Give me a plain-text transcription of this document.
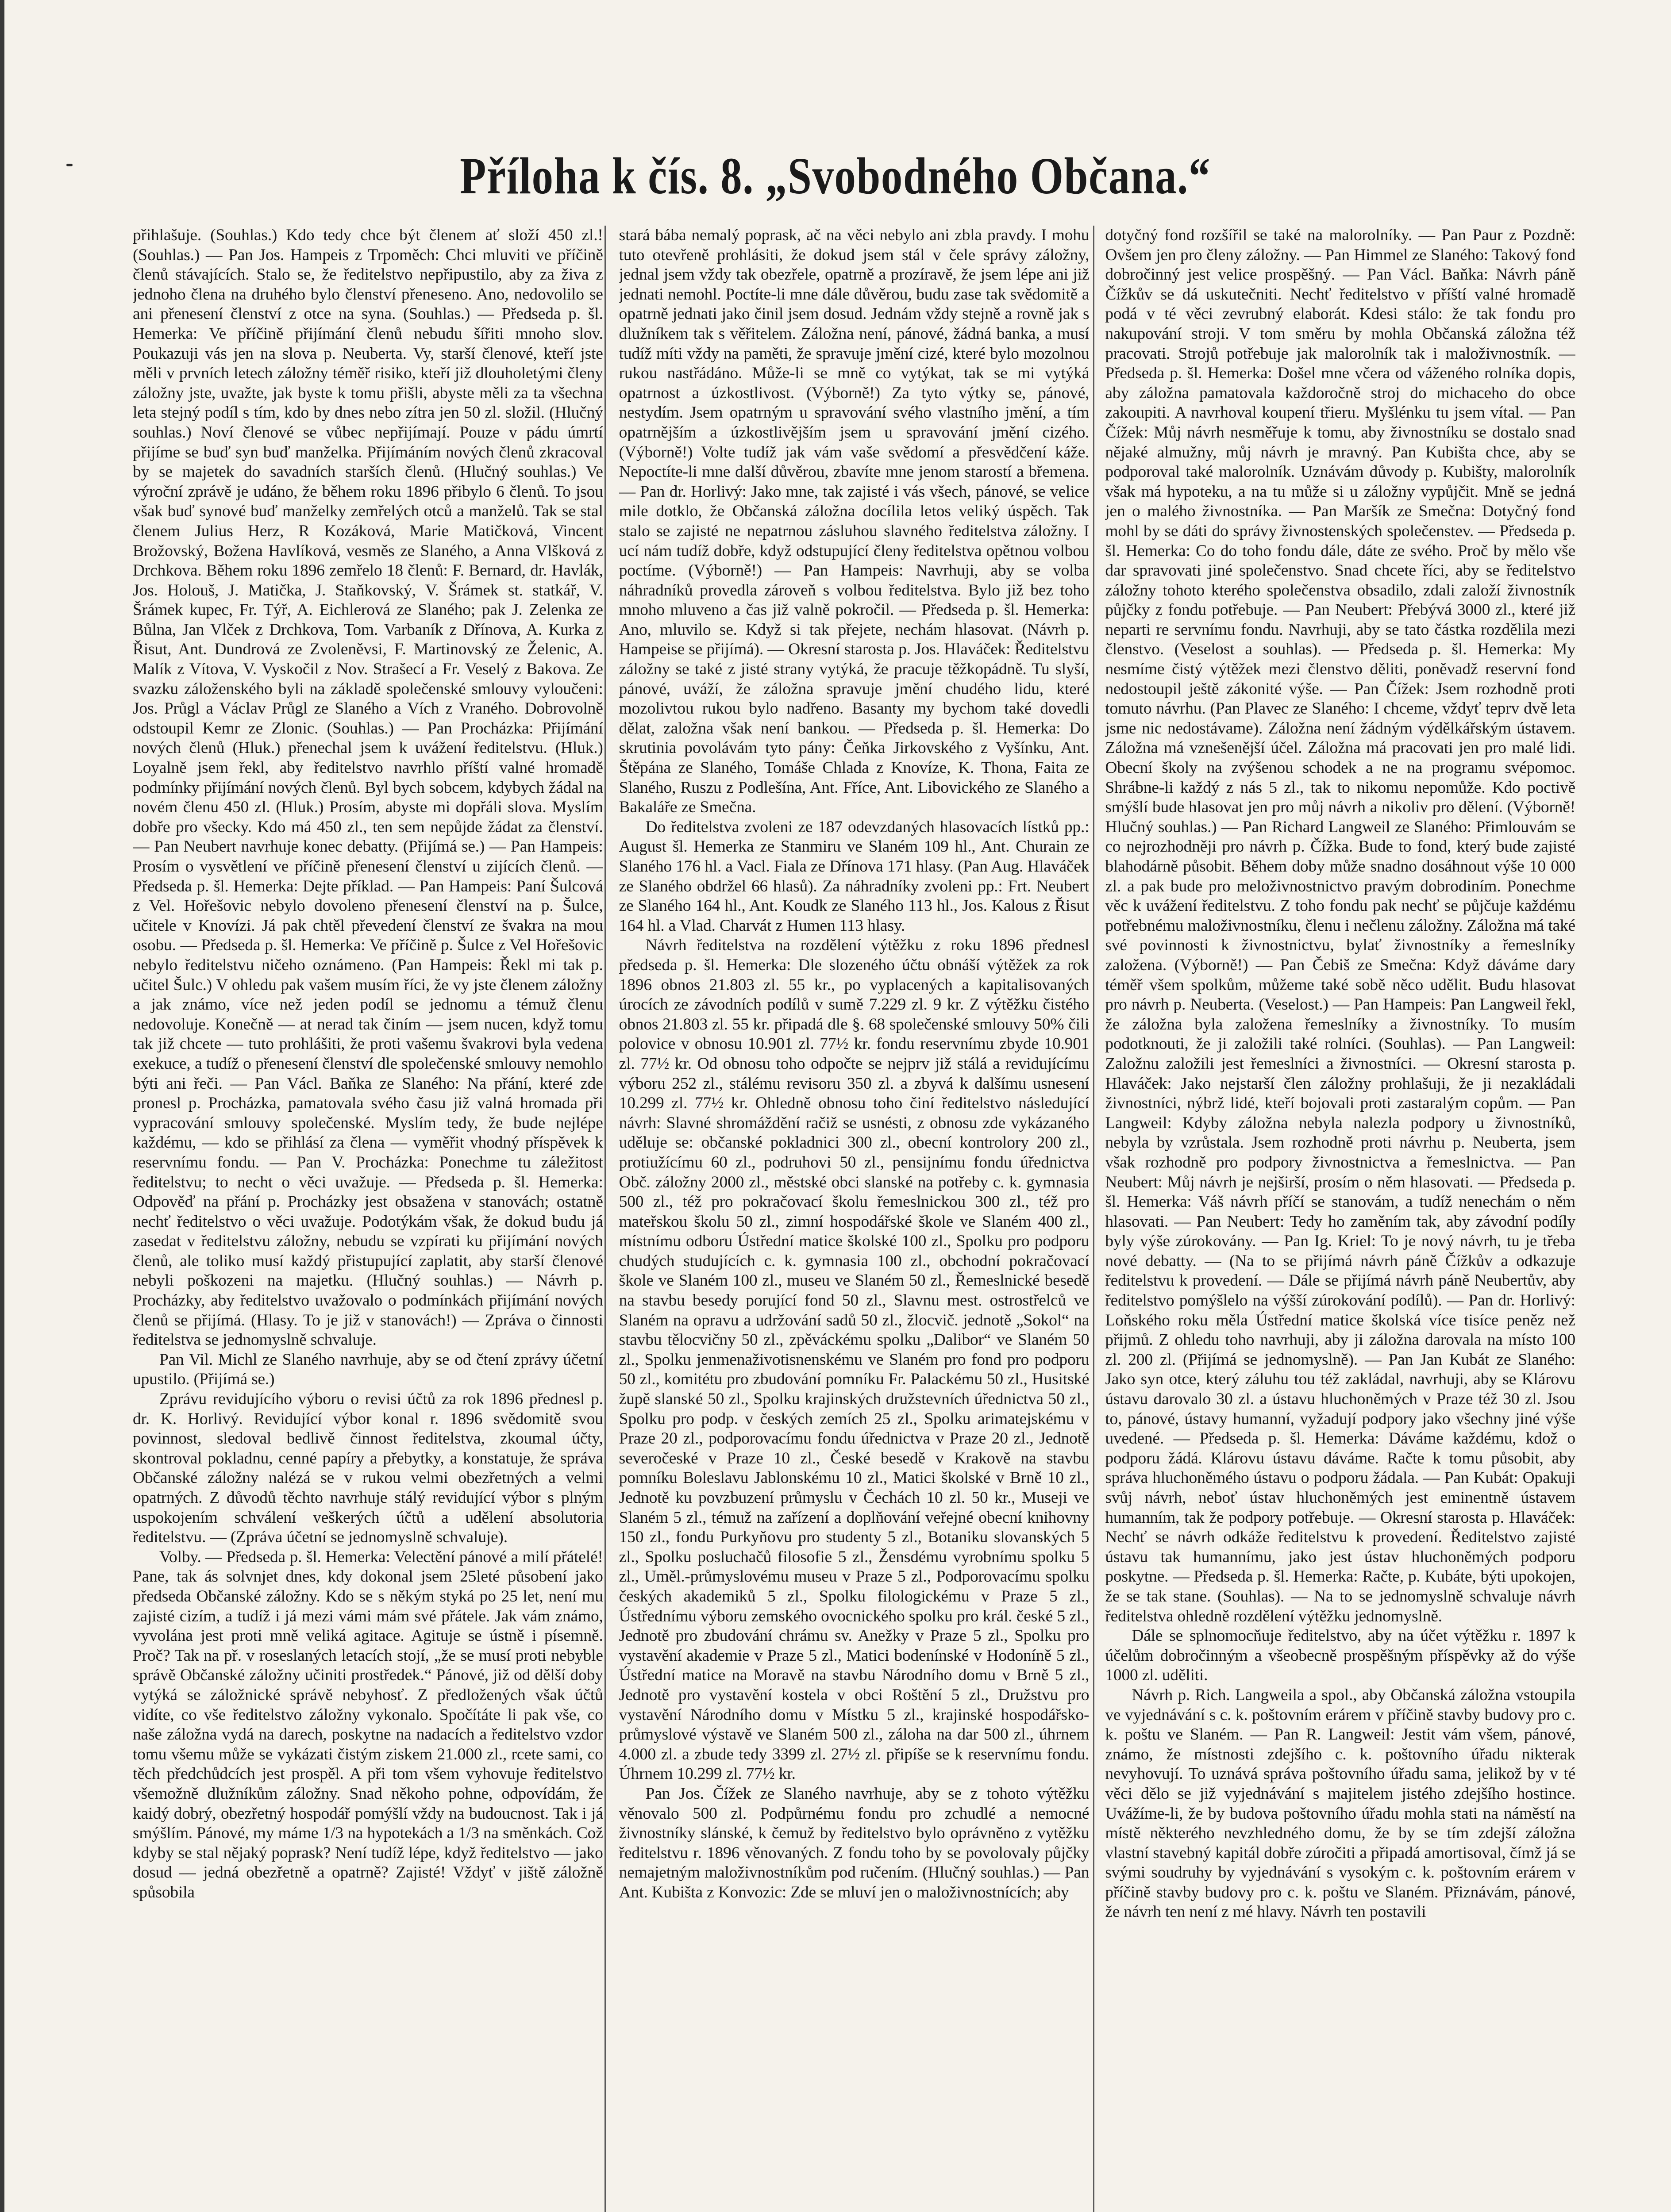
Příloha k čís. 8. „Svobodného Občana.“

přihlašuje. (Souhlas.) Kdo tedy chce být členem ať složí 450 zl.! (Souhlas.) — Pan Jos. Hampeis z Trpoměch: Chci mluviti ve příčině členů stávajících. Stalo se, že ředitelstvo nepřipustilo, aby za živa z jednoho člena na druhého bylo členství přeneseno. Ano, nedovolilo se ani přenesení členství z otce na syna. (Souhlas.) — Předseda p. šl. Hemerka: Ve příčině přijímání členů nebudu šířiti mnoho slov. Poukazuji vás jen na slova p. Neuberta. Vy, starší členové, kteří jste měli v prvních letech záložny téměř risiko, kteří již dlouholetými členy záložny jste, uvažte, jak byste k tomu přišli, abyste měli za ta všechna leta stejný podíl s tím, kdo by dnes nebo zítra jen 50 zl. složil. (Hlučný souhlas.) Noví členové se vůbec nepřijímají. Pouze v pádu úmrtí přijíme se buď syn buď manželka. Přijímáním nových členů zkracoval by se majetek do savadních starších členů. (Hlučný souhlas.) Ve výroční zprávě je udáno, že během roku 1896 přibylo 6 členů. To jsou však buď synové buď manželky zemřelých otců a manželů. Tak se stal členem Julius Herz, R Kozáková, Marie Matičková, Vincent Brožovský, Božena Havlíková, vesměs ze Slaného, a Anna Vlšková z Drchkova. Během roku 1896 zemřelo 18 členů: F. Bernard, dr. Havlák, Jos. Holouš, J. Matička, J. Staňkovský, V. Šrámek st. statkář, V. Šrámek kupec, Fr. Týř, A. Eichlerová ze Slaného; pak J. Zelenka ze Bůlna, Jan Vlček z Drchkova, Tom. Varbaník z Dřínova, A. Kurka z Řisut, Ant. Dundrová ze Zvoleněvsi, F. Martinovský ze Želenic, A. Malík z Vítova, V. Vyskočil z Nov. Strašecí a Fr. Veselý z Bakova. Ze svazku záloženského byli na základě společenské smlouvy vyloučeni: Jos. Průgl a Václav Průgl ze Slaného a Vích z Vraného. Dobrovolně odstoupil Kemr ze Zlonic. (Souhlas.) — Pan Procházka: Přijímání nových členů (Hluk.) přenechal jsem k uvážení ředitelstvu. (Hluk.) Loyalně jsem řekl, aby ředitelstvo navrhlo příští valné hromadě podmínky přijímání nových členů. Byl bych sobcem, kdybych žádal na novém členu 450 zl. (Hluk.) Prosím, abyste mi dopřáli slova. Myslím dobře pro všecky. Kdo má 450 zl., ten sem nepůjde žádat za členství. — Pan Neubert navrhuje konec debatty. (Přijímá se.) — Pan Hampeis: Prosím o vysvětlení ve příčině přenesení členství u zijících členů. — Předseda p. šl. Hemerka: Dejte příklad. — Pan Hampeis: Paní Šulcová z Vel. Hořešovic nebylo dovoleno přenesení členství na p. Šulce, učitele v Knovízi. Já pak chtěl převedení členství ze švakra na mou osobu. — Předseda p. šl. Hemerka: Ve příčině p. Šulce z Vel Hořešovic nebylo ředitelstvu ničeho oznámeno. (Pan Hampeis: Řekl mi tak p. učitel Šulc.) V ohledu pak vašem musím říci, že vy jste členem záložny a jak známo, více než jeden podíl se jednomu a témuž členu nedovoluje. Konečně — at nerad tak činím — jsem nucen, když tomu tak již chcete — tuto prohlášiti, že proti vašemu švakrovi byla vedena exekuce, a tudíž o přenesení členství dle společenské smlouvy nemohlo býti ani řeči. — Pan Václ. Baňka ze Slaného: Na přání, které zde pronesl p. Procházka, pamatovala svého času již valná hromada při vypracování smlouvy společenské. Myslím tedy, že bude nejlépe každému, — kdo se přihlásí za člena — vyměřit vhodný příspěvek k reservnímu fondu. — Pan V. Procházka: Ponechme tu záležitost ředitelstvu; to necht o věci uvažuje. — Předseda p. šl. Hemerka: Odpověď na přání p. Procházky jest obsažena v stanovách; ostatně nechť ředitelstvo o věci uvažuje. Podotýkám však, že dokud budu já zasedat v ředitelstvu záložny, nebudu se vzpírati ku přijímání nových členů, ale toliko musí každý přistupující zaplatit, aby starší členové nebyli poškozeni na majetku. (Hlučný souhlas.) — Návrh p. Procházky, aby ředitelstvo uvažovalo o podmínkách přijímání nových členů se přijímá. (Hlasy. To je již v stanovách!) — Zpráva o činnosti ředitelstva se jednomyslně schvaluje.

Pan Vil. Michl ze Slaného navrhuje, aby se od čtení zprávy účetní upustilo. (Přijímá se.)

Zprávu revidujícího výboru o revisi účtů za rok 1896 přednesl p. dr. K. Horlivý. Revidující výbor konal r. 1896 svědomitě svou povinnost, sledoval bedlivě činnost ředitelstva, zkoumal účty, skontroval pokladnu, cenné papíry a přebytky, a konstatuje, že správa Občanské záložny nalézá se v rukou velmi obezřetných a velmi opatrných. Z důvodů těchto navrhuje stálý revidující výbor s plným uspokojením schválení veškerých účtů a udělení absolutoria ředitelstvu. — (Zpráva účetní se jednomyslně schvaluje).

Volby. — Předseda p. šl. Hemerka: Velectění pánové a milí přátelé! Pane, tak ás solvnjet dnes, kdy dokonal jsem 25leté působení jako předseda Občanské záložny. Kdo se s někým styká po 25 let, není mu zajisté cizím, a tudíž i já mezi vámi mám své přátele. Jak vám známo, vyvolána jest proti mně veliká agitace. Agituje se ústně i písemně. Proč? Tak na př. v roseslaných letacích stojí, „že se musí proti nebyble správě Občanské záložny učiniti prostředek.“ Pánové, již od dělší doby vytýká se záložnické správě nebyhosť. Z předložených však účtů vidíte, co vše ředitelstvo záložny vykonalo. Spočítáte li pak vše, co naše záložna vydá na darech, poskytne na nadacích a ředitelstvo vzdor tomu všemu může se vykázati čistým ziskem 21.000 zl., rcete sami, co těch předchůdcích jest prospěl. A při tom všem vyhovuje ředitelstvo všemožně dlužníkům záložny. Snad někoho pohne, odpovídám, že kaidý dobrý, obezřetný hospodář pomýšlí vždy na budoucnost. Tak i já smýšlím. Pánové, my máme 1/3 na hypotekách a 1/3 na směnkách. Což kdyby se stal nějaký poprask? Není tudíž lépe, když ředitelstvo — jako dosud — jedná obezřetně a opatrně? Zajisté! Vždyť v jiště záložně spůsobila

stará bába nemalý poprask, ač na věci nebylo ani zbla pravdy. I mohu tuto otevřeně prohlásiti, že dokud jsem stál v čele správy záložny, jednal jsem vždy tak obezřele, opatrně a prozíravě, že jsem lépe ani již jednati nemohl. Poctíte-li mne dále důvěrou, budu zase tak svědomitě a opatrně jednati jako činil jsem dosud. Jednám vždy stejně a rovně jak s dlužníkem tak s věřitelem. Záložna není, pánové, žádná banka, a musí tudíž míti vždy na paměti, že spravuje jmění cizé, které bylo mozolnou rukou nastřádáno. Může-li se mně co vytýkat, tak se mi vytýká opatrnost a úzkostlivost. (Výborně!) Za tyto výtky se, pánové, nestydím. Jsem opatrným u spravování svého vlastního jmění, a tím opatrnějším a úzkostlivějším jsem u spravování jmění cizého. (Výborně!) Volte tudíž jak vám vaše svědomí a přesvědčení káže. Nepoctíte-li mne další důvěrou, zbavíte mne jenom starostí a břemena. — Pan dr. Horlivý: Jako mne, tak zajisté i vás všech, pánové, se velice mile dotklo, že Občanská záložna docílila letos veliký úspěch. Tak stalo se zajisté ne nepatrnou zásluhou slavného ředitelstva záložny. I ucí nám tudíž dobře, když odstupující členy ředitelstva opětnou volbou poctíme. (Výborně!) — Pan Hampeis: Navrhuji, aby se volba náhradníků provedla zároveň s volbou ředitelstva. Bylo již bez toho mnoho mluveno a čas již valně pokročil. — Předseda p. šl. Hemerka: Ano, mluvilo se. Když si tak přejete, nechám hlasovat. (Návrh p. Hampeise se přijímá). — Okresní starosta p. Jos. Hlaváček: Ředitelstvu záložny se také z jisté strany vytýká, že pracuje těžkopádně. Tu slyší, pánové, uváží, že záložna spravuje jmění chudého lidu, které mozolivtou rukou bylo nadřeno. Basanty my bychom také dovedli dělat, založna však není bankou. — Předseda p. šl. Hemerka: Do skrutinia povolávám tyto pány: Čeňka Jirkovského z Vyšínku, Ant. Štěpána ze Slaného, Tomáše Chlada z Knovíze, K. Thona, Faita ze Slaného, Ruszu z Podlešína, Ant. Fříce, Ant. Libovického ze Slaného a Bakaláře ze Smečna.

Do ředitelstva zvoleni ze 187 odevzdaných hlasovacích lístků pp.: August šl. Hemerka ze Stanmiru ve Slaném 109 hl., Ant. Churain ze Slaného 176 hl. a Vacl. Fiala ze Dřínova 171 hlasy. (Pan Aug. Hlaváček ze Slaného obdržel 66 hlasů). Za náhradníky zvoleni pp.: Frt. Neubert ze Slaného 164 hl., Ant. Koudk ze Slaného 113 hl., Jos. Kalous z Řisut 164 hl. a Vlad. Charvát z Humen 113 hlasy.

Návrh ředitelstva na rozdělení výtěžku z roku 1896 přednesl předseda p. šl. Hemerka: Dle slozeného účtu obnáší výtěžek za rok 1896 obnos 21.803 zl. 55 kr., po vyplacených a kapitalisovaných úrocích ze závodních podílů v sumě 7.229 zl. 9 kr. Z výtěžku čistého obnos 21.803 zl. 55 kr. připadá dle §. 68 společenské smlouvy 50% čili polovice v obnosu 10.901 zl. 77½ kr. fondu reservnímu zbyde 10.901 zl. 77½ kr. Od obnosu toho odpočte se nejprv již stálá a revidujícímu výboru 252 zl., stálému revisoru 350 zl. a zbyvá k dalšímu usnesení 10.299 zl. 77½ kr. Ohledně obnosu toho činí ředitelstvo následující návrh: Slavné shromáždění račiž se usnésti, z obnosu zde vykázaného uděluje se: občanské pokladnici 300 zl., obecní kontrolory 200 zl., protiužícímu 60 zl., podruhovi 50 zl., pensijnímu fondu úřednictva Obč. záložny 2000 zl., městské obci slanské na potřeby c. k. gymnasia 500 zl., též pro pokračovací školu řemeslnickou 300 zl., též pro mateřskou školu 50 zl., zimní hospodářské škole ve Slaném 400 zl., místnímu odboru Ústřední matice školské 100 zl., Spolku pro podporu chudých studujících c. k. gymnasia 100 zl., obchodní pokračovací škole ve Slaném 100 zl., museu ve Slaném 50 zl., Řemeslnické besedě na stavbu besedy porující fond 50 zl., Slavnu mest. ostrostřelců ve Slaném na opravu a udržování sadů 50 zl., žlocvič. jednotě „Sokol“ na stavbu tělocvičny 50 zl., zpěváckému spolku „Dalibor“ ve Slaném 50 zl., Spolku jenmenaživotisnenskému ve Slaném pro fond pro podporu 50 zl., komitétu pro zbudování pomníku Fr. Palackému 50 zl., Husitské župě slanské 50 zl., Spolku krajinských družstevních úřednictva 50 zl., Spolku pro podp. v českých zemích 25 zl., Spolku arimatejskému v Praze 20 zl., podporovacímu fondu úřednictva v Praze 20 zl., Jednotě severočeské v Praze 10 zl., České besedě v Krakově na stavbu pomníku Boleslavu Jablonskému 10 zl., Matici školské v Brně 10 zl., Jednotě ku povzbuzení průmyslu v Čechách 10 zl. 50 kr., Museji ve Slaném 5 zl., témuž na zařízení a doplňování veřejné obecní knihovny 150 zl., fondu Purkyňovu pro studenty 5 zl., Botaniku slovanských 5 zl., Spolku posluchačů filosofie 5 zl., Žensdému vyrobnímu spolku 5 zl., Uměl.-průmyslovému museu v Praze 5 zl., Podporovacímu spolku českých akademiků 5 zl., Spolku filologickému v Praze 5 zl., Ústřednímu výboru zemského ovocnického spolku pro král. české 5 zl., Jednotě pro zbudování chrámu sv. Anežky v Praze 5 zl., Spolku pro vystavění akademie v Praze 5 zl., Matici bodenínské v Hodoníně 5 zl., Ústřední matice na Moravě na stavbu Národního domu v Brně 5 zl., Jednotě pro vystavění kostela v obci Roštění 5 zl., Družstvu pro vystavění Národního domu v Místku 5 zl., krajinské hospodářsko-průmyslové výstavě ve Slaném 500 zl., záloha na dar 500 zl., úhrnem 4.000 zl. a zbude tedy 3399 zl. 27½ zl. připíše se k reservnímu fondu. Úhrnem 10.299 zl. 77½ kr.

Pan Jos. Čížek ze Slaného navrhuje, aby se z tohoto výtěžku věnovalo 500 zl. Podpůrnému fondu pro zchudlé a nemocné živnostníky slánské, k čemuž by ředitelstvo bylo oprávněno z vytěžku ředitelstvu r. 1896 věnovaných. Z fondu toho by se povolovaly půjčky nemajetným maloživnostníkům pod ručením. (Hlučný souhlas.) — Pan Ant. Kubišta z Konvozic: Zde se mluví jen o maloživnostnících; aby

dotyčný fond rozšířil se také na malorolníky. — Pan Paur z Pozdně: Ovšem jen pro členy záložny. — Pan Himmel ze Slaného: Takový fond dobročinný jest velice prospěšný. — Pan Václ. Baňka: Návrh páně Čížkův se dá uskutečniti. Nechť ředitelstvo v příští valné hromadě podá v té věci zevrubný elaborát. Kdesi stálo: že tak fondu pro nakupování stroji. V tom směru by mohla Občanská záložna též pracovati. Strojů potřebuje jak malorolník tak i maloživnostník. — Předseda p. šl. Hemerka: Došel mne včera od váženého rolníka dopis, aby záložna pamatovala každoročně stroj do michaceho do obce zakoupiti. A navrhoval koupení třieru. Myšlénku tu jsem vítal. — Pan Čížek: Můj návrh nesměřuje k tomu, aby živnostníku se dostalo snad nějaké almužny, můj návrh je mravný. Pan Kubišta chce, aby se podporoval také malorolník. Uznávám důvody p. Kubišty, malorolník však má hypoteku, a na tu může si u záložny vypůjčit. Mně se jedná jen o malého živnostníka. — Pan Maršík ze Smečna: Dotyčný fond mohl by se dáti do správy živnostenských společenstev. — Předseda p. šl. Hemerka: Co do toho fondu dále, dáte ze svého. Proč by mělo vše dar spravovati jiné společenstvo. Snad chcete říci, aby se ředitelstvo záložny tohoto kterého společenstva obsadilo, zdali založí živnostník půjčky z fondu potřebuje. — Pan Neubert: Přebývá 3000 zl., které již neparti re servnímu fondu. Navrhuji, aby se tato částka rozdělila mezi členstvo. (Veselost a souhlas). — Předseda p. šl. Hemerka: My nesmíme čistý výtěžek mezi členstvo děliti, poněvadž reservní fond nedostoupil ještě zákonité výše. — Pan Čížek: Jsem rozhodně proti tomuto návrhu. (Pan Plavec ze Slaného: I chceme, vždyť teprv dvě leta jsme nic nedostávame). Záložna není žádným výdělkářským ústavem. Záložna má vznešenější účel. Záložna má pracovati jen pro malé lidi. Obecní školy na zvýšenou schodek a ne na programu svépomoc. Shrábne-li každý z nás 5 zl., tak to nikomu nepomůže. Kdo poctivě smýšlí bude hlasovat jen pro můj návrh a nikoliv pro dělení. (Výborně! Hlučný souhlas.) — Pan Richard Langweil ze Slaného: Přimlouvám se co nejrozhodněji pro návrh p. Čížka. Bude to fond, který bude zajisté blahodárně působit. Během doby může snadno dosáhnout výše 10 000 zl. a pak bude pro meloživnostnictvo pravým dobrodiním. Ponechme věc k uvážení ředitelstvu. Z toho fondu pak nechť se půjčuje každému potřebnému maloživnostníku, členu i nečlenu záložny. Záložna má také své povinnosti k živnostnictvu, bylať živnostníky a řemeslníky založena. (Výborně!) — Pan Čebiš ze Smečna: Když dáváme dary téměř všem spolkům, můžeme také sobě něco udělit. Budu hlasovat pro návrh p. Neuberta. (Veselost.) — Pan Hampeis: Pan Langweil řekl, že záložna byla založena řemeslníky a živnostníky. To musím podotknouti, že ji založili také rolníci. (Souhlas). — Pan Langweil: Založnu založili jest řemeslníci a živnostníci. — Okresní starosta p. Hlaváček: Jako nejstarší člen záložny prohlašuji, že ji nezakládali živnostníci, nýbrž lidé, kteří bojovali proti zastaralým copům. — Pan Langweil: Kdyby záložna nebyla nalezla podpory u živnostníků, nebyla by vzrůstala. Jsem rozhodně proti návrhu p. Neuberta, jsem však rozhodně pro podpory živnostnictva a řemeslnictva. — Pan Neubert: Můj návrh je nejširší, prosím o něm hlasovati. — Předseda p. šl. Hemerka: Váš návrh příčí se stanovám, a tudíž nenechám o něm hlasovati. — Pan Neubert: Tedy ho zaměním tak, aby závodní podíly byly výše zúrokovány. — Pan Ig. Kriel: To je nový návrh, tu je třeba nové debatty. — (Na to se přijímá návrh páně Čížkův a odkazuje ředitelstvu k provedení. — Dále se přijímá návrh páně Neubertův, aby ředitelstvo pomýšlelo na výšší zúrokování podílů). — Pan dr. Horlivý: Loňského roku měla Ústřední matice školská více tisíce peněz než přijmů. Z ohledu toho navrhuji, aby ji záložna darovala na místo 100 zl. 200 zl. (Přijímá se jednomyslně). — Pan Jan Kubát ze Slaného: Jako syn otce, který záluhu tou též zakládal, navrhuji, aby se Klárovu ústavu darovalo 30 zl. a ústavu hluchoněmých v Praze též 30 zl. Jsou to, pánové, ústavy humanní, vyžadují podpory jako všechny jiné výše uvedené. — Předseda p. šl. Hemerka: Dáváme každému, kdož o podporu žádá. Klárovu ústavu dáváme. Račte k tomu působit, aby správa hluchoněmého ústavu o podporu žádala. — Pan Kubát: Opakuji svůj návrh, neboť ústav hluchoněmých jest eminentně ústavem humanním, tak že podpory potřebuje. — Okresní starosta p. Hlaváček: Nechť se návrh odkáže ředitelstvu k provedení. Ředitelstvo zajisté ústavu tak humannímu, jako jest ústav hluchoněmých podporu poskytne. — Předseda p. šl. Hemerka: Račte, p. Kubáte, býti upokojen, že se tak stane. (Souhlas). — Na to se jednomyslně schvaluje návrh ředitelstva ohledně rozdělení výtěžku jednomyslně.

Dále se splnomocňuje ředitelstvo, aby na účet výtěžku r. 1897 k účelům dobročinným a všeobecně prospěšným příspěvky až do výše 1000 zl. uděliti.

Návrh p. Rich. Langweila a spol., aby Občanská záložna vstoupila ve vyjednávání s c. k. poštovním erárem v příčině stavby budovy pro c. k. poštu ve Slaném. — Pan R. Langweil: Jestit vám všem, pánové, známo, že místnosti zdejšího c. k. poštovního úřadu nikterak nevyhovují. To uznává správa poštovního úřadu sama, jelikož by v té věci dělo se již vyjednávání s majitelem jistého zdejšího hostince. Uvážíme-li, že by budova poštovního úřadu mohla stati na náměstí na místě některého nevzhledného domu, že by se tím zdejší záložna vlastní stavebný kapitál dobře zúročiti a připadá amortisoval, čímž já se svými soudruhy by vyjednávání s vysokým c. k. poštovním erárem v příčině stavby budovy pro c. k. poštu ve Slaném. Přiznávám, pánové, že návrh ten není z mé hlavy. Návrh ten postavili
